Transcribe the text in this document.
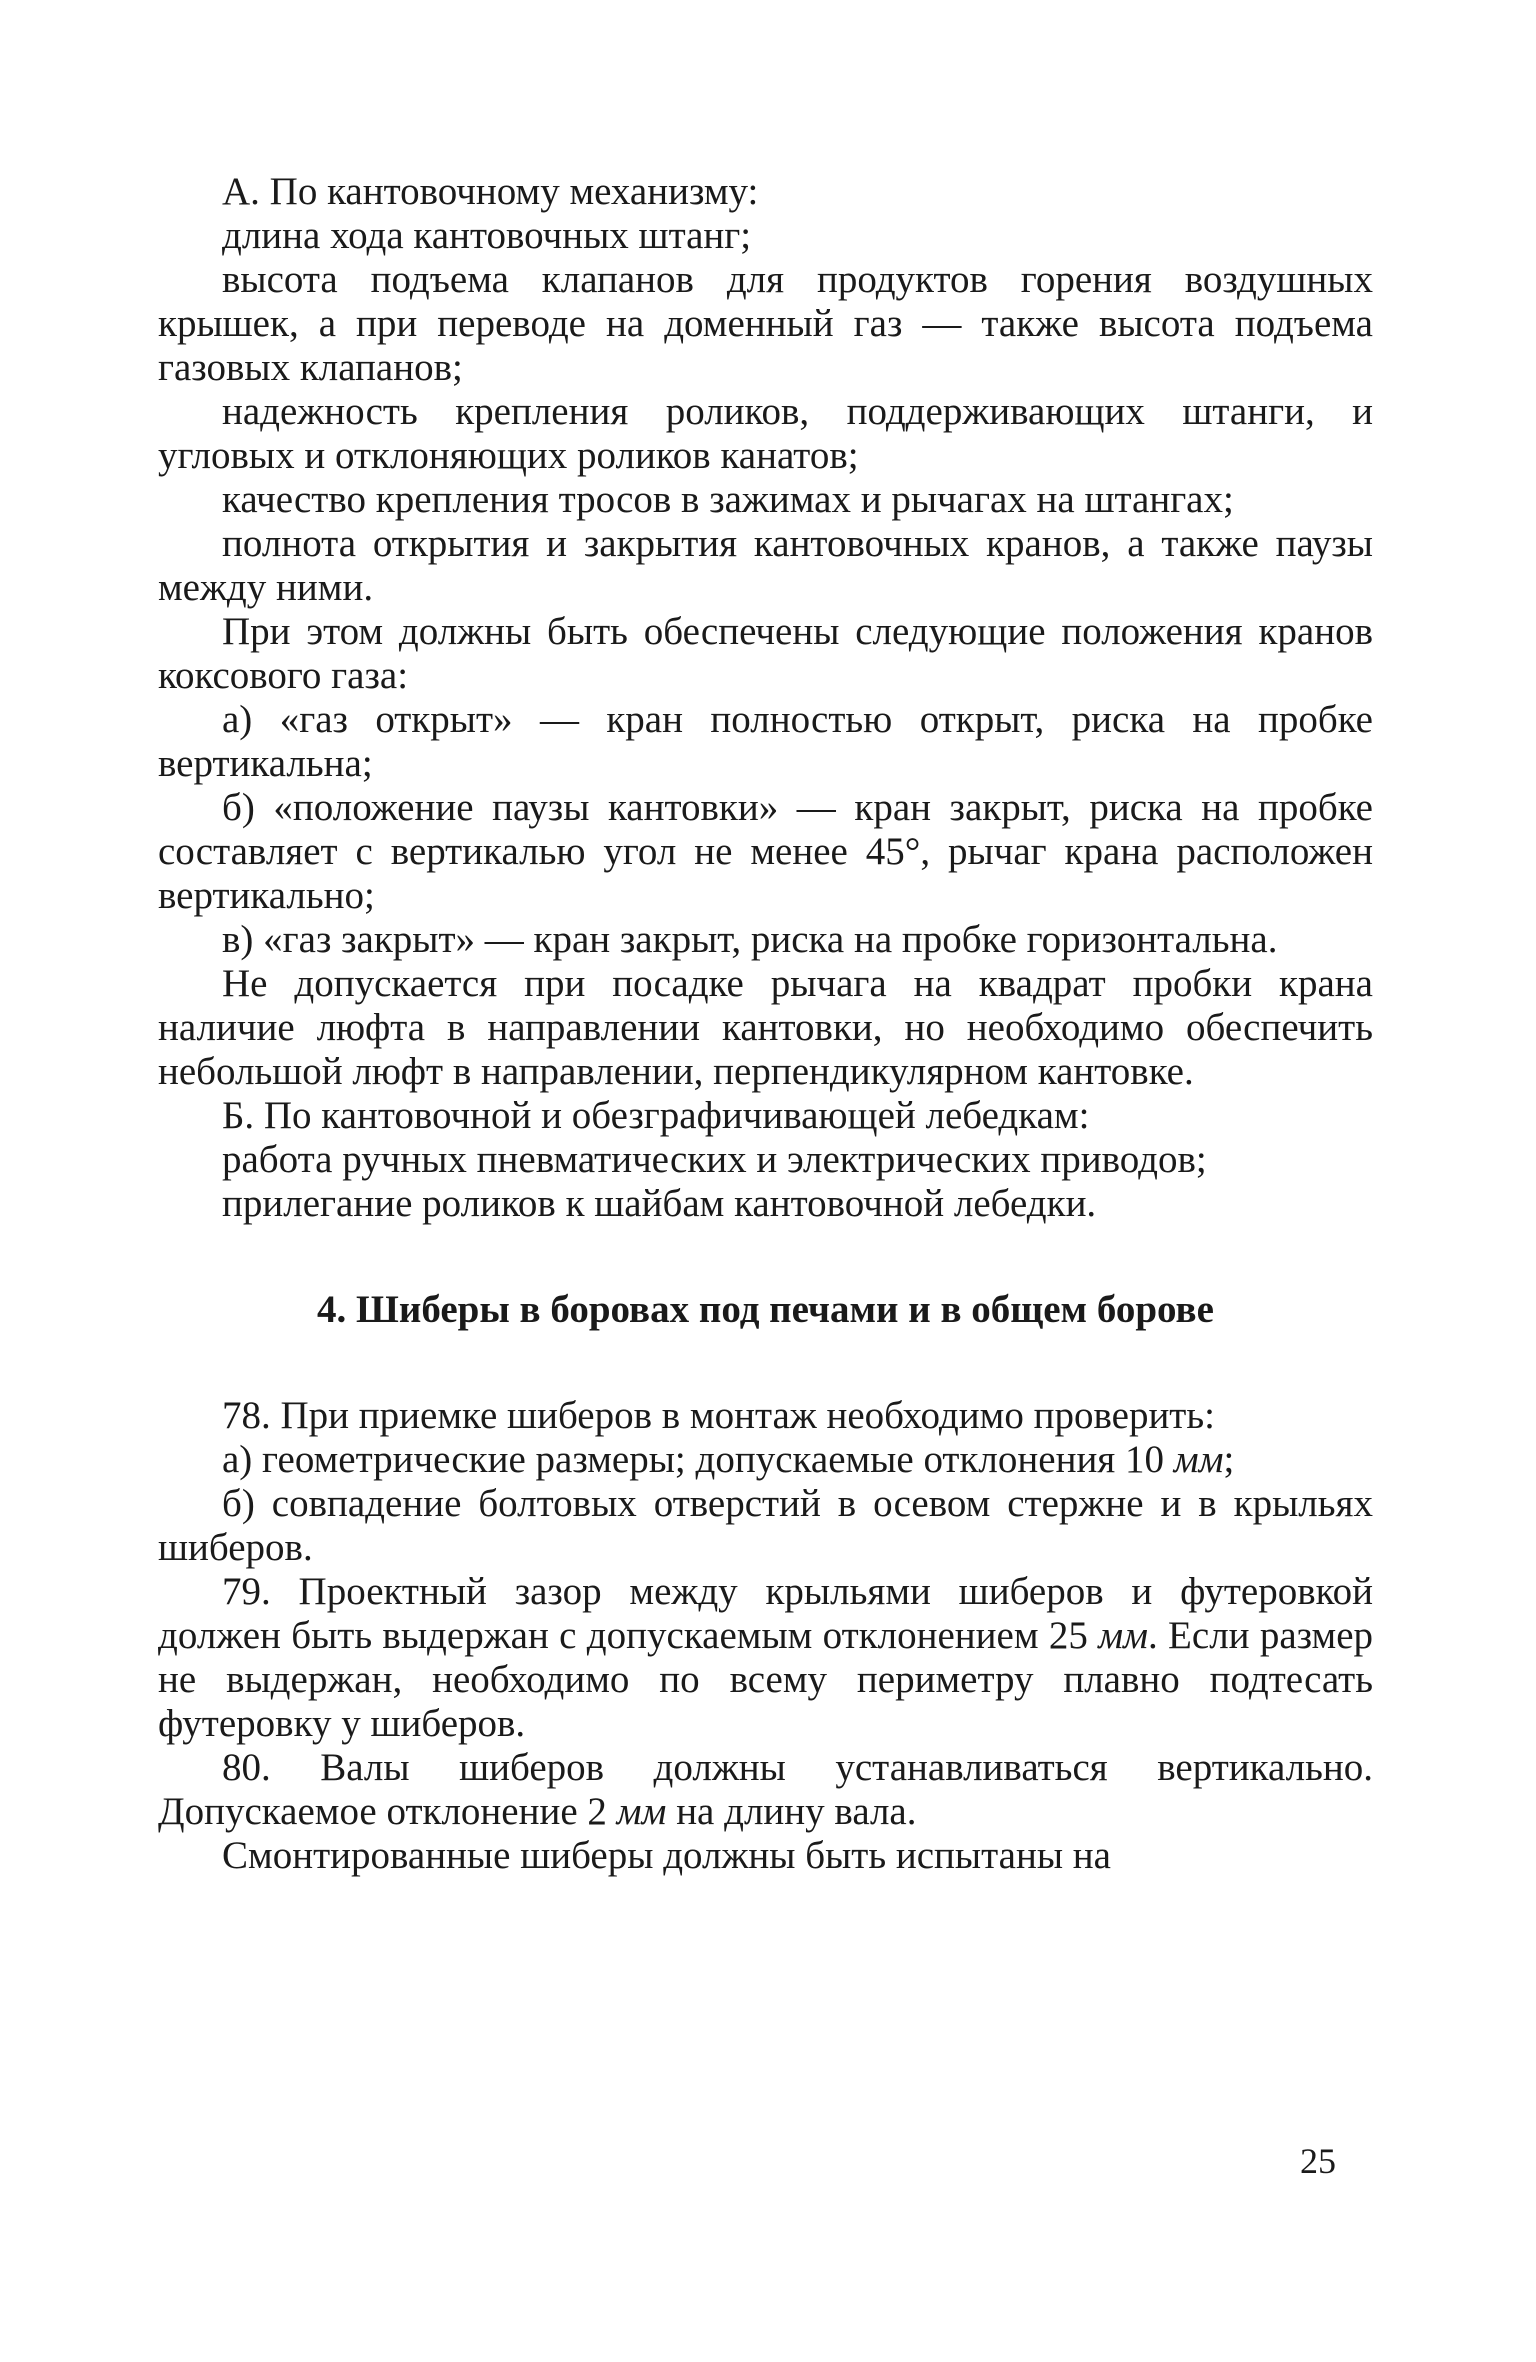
А. По кантовочному механизму:

длина хода кантовочных штанг;

высота подъема клапанов для продуктов горения воздушных крышек, а при переводе на доменный газ — также высота подъема газовых клапанов;

надежность крепления роликов, поддерживающих штанги, и угловых и отклоняющих роликов канатов;

качество крепления тросов в зажимах и рычагах на штангах;

полнота открытия и закрытия кантовочных кранов, а также паузы между ними.

При этом должны быть обеспечены следующие положения кранов коксового газа:

а) «газ открыт» — кран полностью открыт, риска на пробке вертикальна;

б) «положение паузы кантовки» — кран закрыт, риска на пробке составляет с вертикалью угол не менее 45°, рычаг крана расположен вертикально;

в) «газ закрыт» — кран закрыт, риска на пробке горизонтальна.

Не допускается при посадке рычага на квадрат пробки крана наличие люфта в направлении кантовки, но необходимо обеспечить небольшой люфт в направлении, перпендикулярном кантовке.

Б. По кантовочной и обезграфичивающей лебедкам:

работа ручных пневматических и электрических приводов;

прилегание роликов к шайбам кантовочной лебедки.

4. Шиберы в боровах под печами и в общем борове

78. При приемке шиберов в монтаж необходимо проверить:

а) геометрические размеры; допускаемые отклонения 10 мм;

б) совпадение болтовых отверстий в осевом стержне и в крыльях шиберов.

79. Проектный зазор между крыльями шиберов и футеровкой должен быть выдержан с допускаемым отклонением 25 мм. Если размер не выдержан, необходимо по всему периметру плавно подтесать футеровку у шиберов.

80. Валы шиберов должны устанавливаться вертикально. Допускаемое отклонение 2 мм на длину вала.

Смонтированные шиберы должны быть испытаны на

25
